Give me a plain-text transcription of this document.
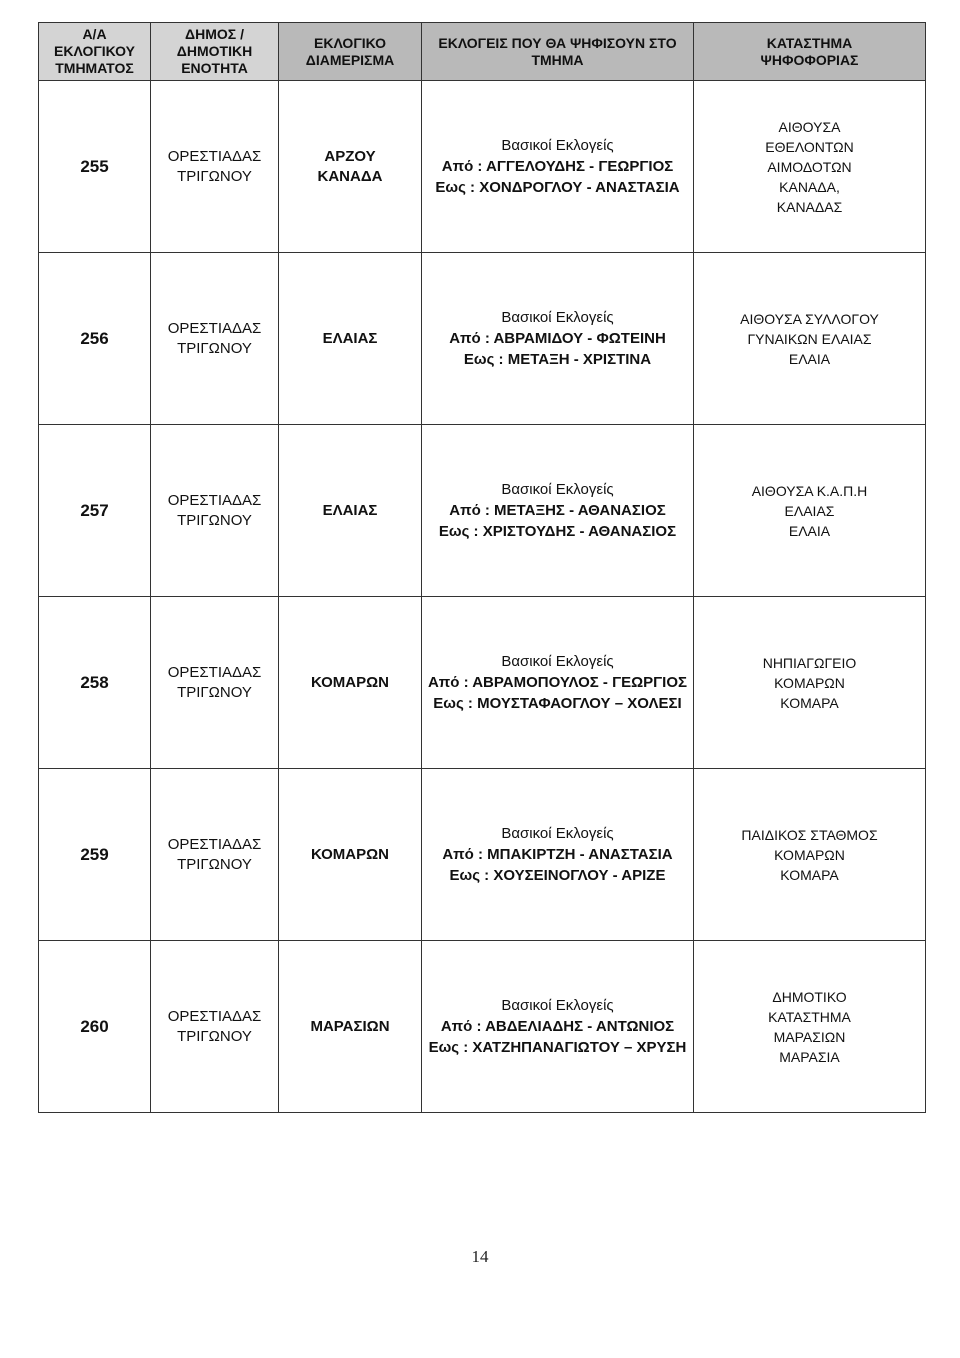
Α/Α
ΕΚΛΟΓΙΚΟΥ
ΤΜΗΜΑΤΟΣ	ΔΗΜΟΣ /
ΔΗΜΟΤΙΚΗ
ΕΝΟΤΗΤΑ	ΕΚΛΟΓΙΚΟ
ΔΙΑΜΕΡΙΣΜΑ	ΕΚΛΟΓΕΙΣ ΠΟΥ ΘΑ ΨΗΦΙΣΟΥΝ ΣΤΟ
ΤΜΗΜΑ	ΚΑΤΑΣΤΗΜΑ
ΨΗΦΟΦΟΡΙΑΣ

255	ΟΡΕΣΤΙΑΔΑΣ
ΤΡΙΓΩΝΟΥ	ΑΡΖΟΥ
ΚΑΝΑΔΑ	Βασικοί Εκλογείς
Από : ΑΓΓΕΛΟΥΔΗΣ - ΓΕΩΡΓΙΟΣ
Εως : ΧΟΝΔΡΟΓΛΟΥ - ΑΝΑΣΤΑΣΙΑ	ΑΙΘΟΥΣΑ
ΕΘΕΛΟΝΤΩΝ
ΑΙΜΟΔΟΤΩΝ
ΚΑΝΑΔΑ,
ΚΑΝΑΔΑΣ

256	ΟΡΕΣΤΙΑΔΑΣ
ΤΡΙΓΩΝΟΥ	ΕΛΑΙΑΣ	Βασικοί Εκλογείς
Από : ΑΒΡΑΜΙΔΟΥ - ΦΩΤΕΙΝΗ
Εως : ΜΕΤΑΞΗ - ΧΡΙΣΤΙΝΑ	ΑΙΘΟΥΣΑ ΣΥΛΛΟΓΟΥ
ΓΥΝΑΙΚΩΝ ΕΛΑΙΑΣ
ΕΛΑΙΑ

257	ΟΡΕΣΤΙΑΔΑΣ
ΤΡΙΓΩΝΟΥ	ΕΛΑΙΑΣ	Βασικοί Εκλογείς
Από : ΜΕΤΑΞΗΣ - ΑΘΑΝΑΣΙΟΣ
Εως : ΧΡΙΣΤΟΥΔΗΣ - ΑΘΑΝΑΣΙΟΣ	ΑΙΘΟΥΣΑ Κ.Α.Π.Η
ΕΛΑΙΑΣ
ΕΛΑΙΑ

258	ΟΡΕΣΤΙΑΔΑΣ
ΤΡΙΓΩΝΟΥ	ΚΟΜΑΡΩΝ	Βασικοί Εκλογείς
Από : ΑΒΡΑΜΟΠΟΥΛΟΣ - ΓΕΩΡΓΙΟΣ
Εως : ΜΟΥΣΤΑΦΑΟΓΛΟΥ – ΧΟΛΕΣΙ	ΝΗΠΙΑΓΩΓΕΙΟ
ΚΟΜΑΡΩΝ
ΚΟΜΑΡΑ

259	ΟΡΕΣΤΙΑΔΑΣ
ΤΡΙΓΩΝΟΥ	ΚΟΜΑΡΩΝ	Βασικοί Εκλογείς
Από : ΜΠΑΚΙΡΤΖΗ - ΑΝΑΣΤΑΣΙΑ
Εως : ΧΟΥΣΕΙΝΟΓΛΟΥ - ΑΡΙΖΕ	ΠΑΙΔΙΚΟΣ ΣΤΑΘΜΟΣ
ΚΟΜΑΡΩΝ
ΚΟΜΑΡΑ

260	ΟΡΕΣΤΙΑΔΑΣ
ΤΡΙΓΩΝΟΥ	ΜΑΡΑΣΙΩΝ	Βασικοί Εκλογείς
Από : ΑΒΔΕΛΙΑΔΗΣ - ΑΝΤΩΝΙΟΣ
Εως : ΧΑΤΖΗΠΑΝΑΓΙΩΤΟΥ – ΧΡΥΣΗ	ΔΗΜΟΤΙΚΟ
ΚΑΤΑΣΤΗΜΑ
ΜΑΡΑΣΙΩΝ
ΜΑΡΑΣΙΑ
14
